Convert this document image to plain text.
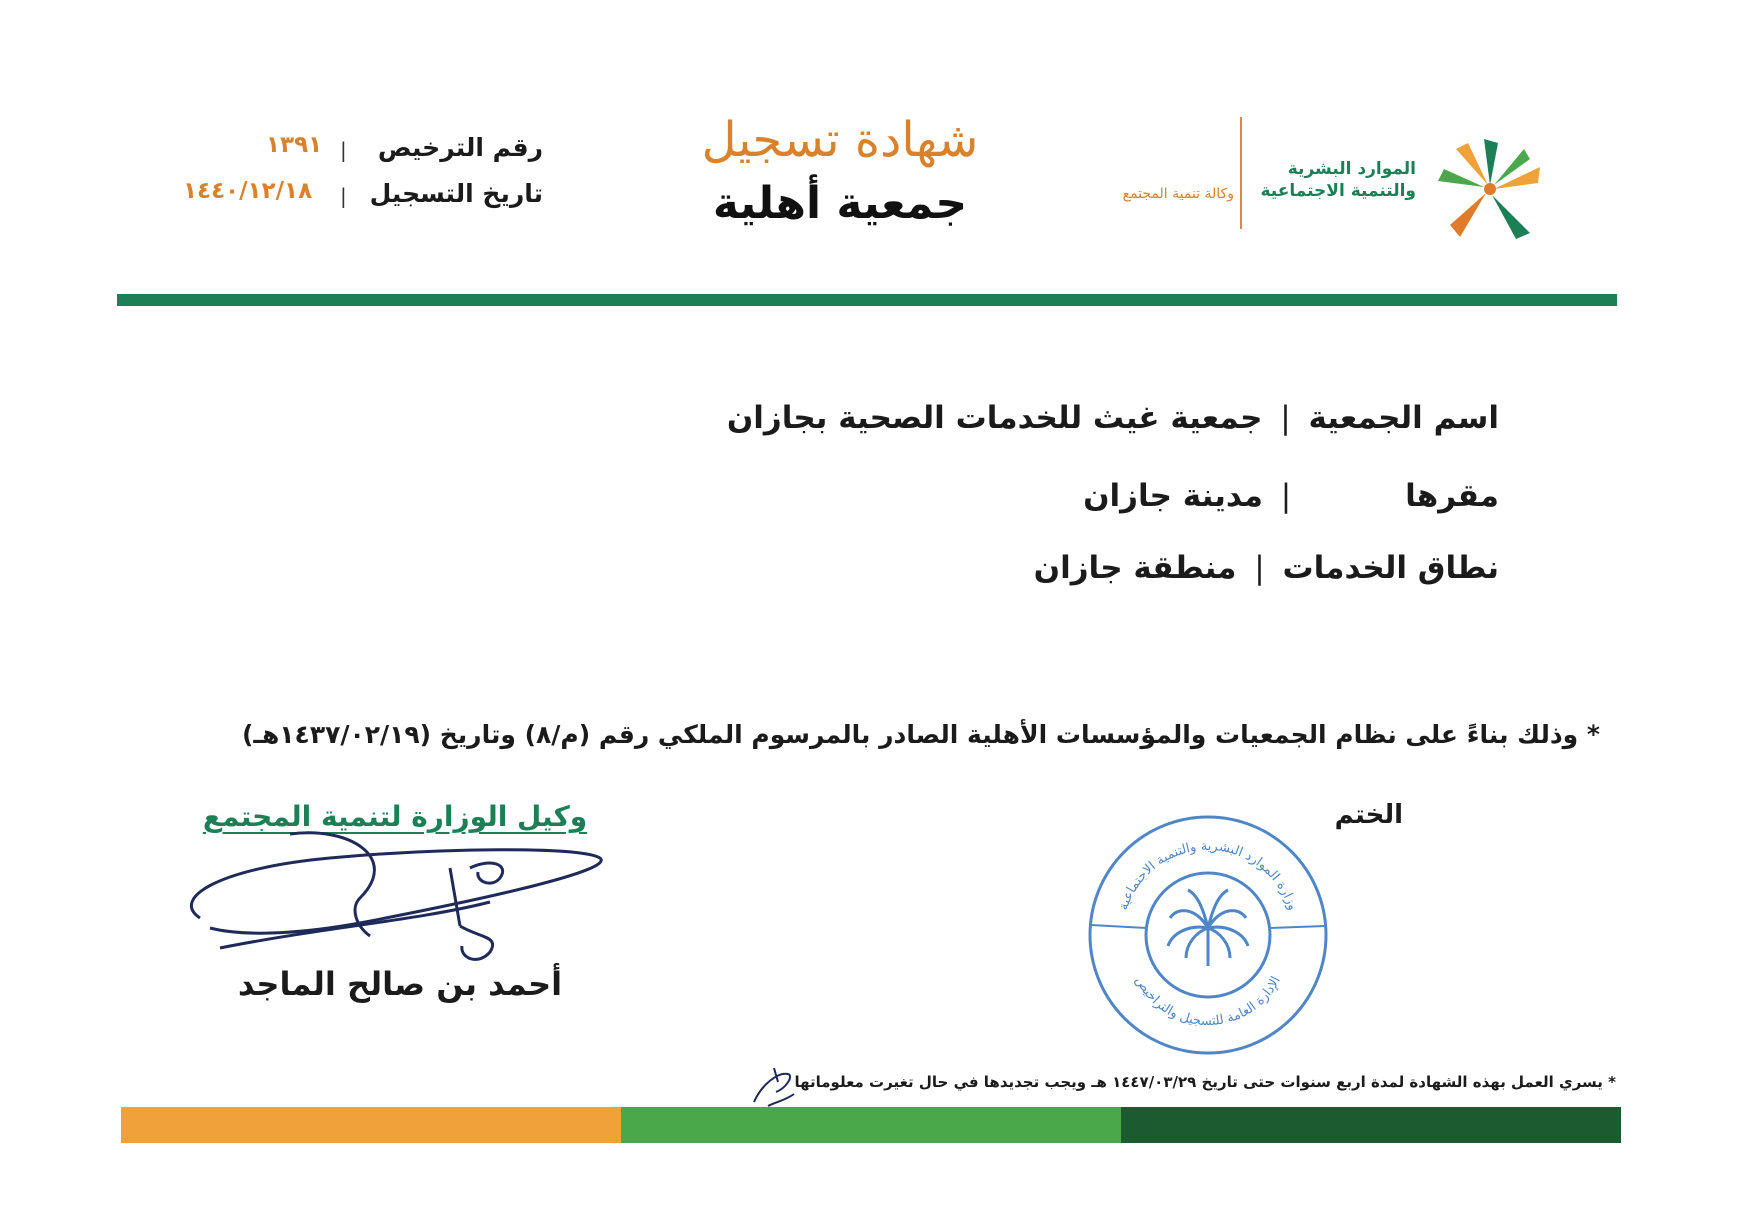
الموارد البشرية
والتنمية الاجتماعية
وكالة تنمية المجتمع
شهادة تسجيل
جمعية أهلية
رقم الترخيص
|
١٣٩١
تاريخ التسجيل
|
١٤٤٠/١٢/١٨
اسم الجمعية|جمعية غيث للخدمات الصحية بجازان
مقرها|مدينة جازان
نطاق الخدمات|منطقة جازان
* وذلك بناءً على نظام الجمعيات والمؤسسات الأهلية الصادر بالمرسوم الملكي رقم (م/٨) وتاريخ (١٤٣٧/٠٢/١٩هـ)
وكيل الوزارة لتنمية المجتمع
أحمد بن صالح الماجد
الختم
وزارة الموارد البشرية والتنمية الاجتماعية
الإدارة العامة للتسجيل والتراخيص
* يسري العمل بهذه الشهادة لمدة اربع سنوات حتى تاريخ ١٤٤٧/٠٣/٢٩ هـ ويجب تجديدها في حال تغيرت معلوماتها
